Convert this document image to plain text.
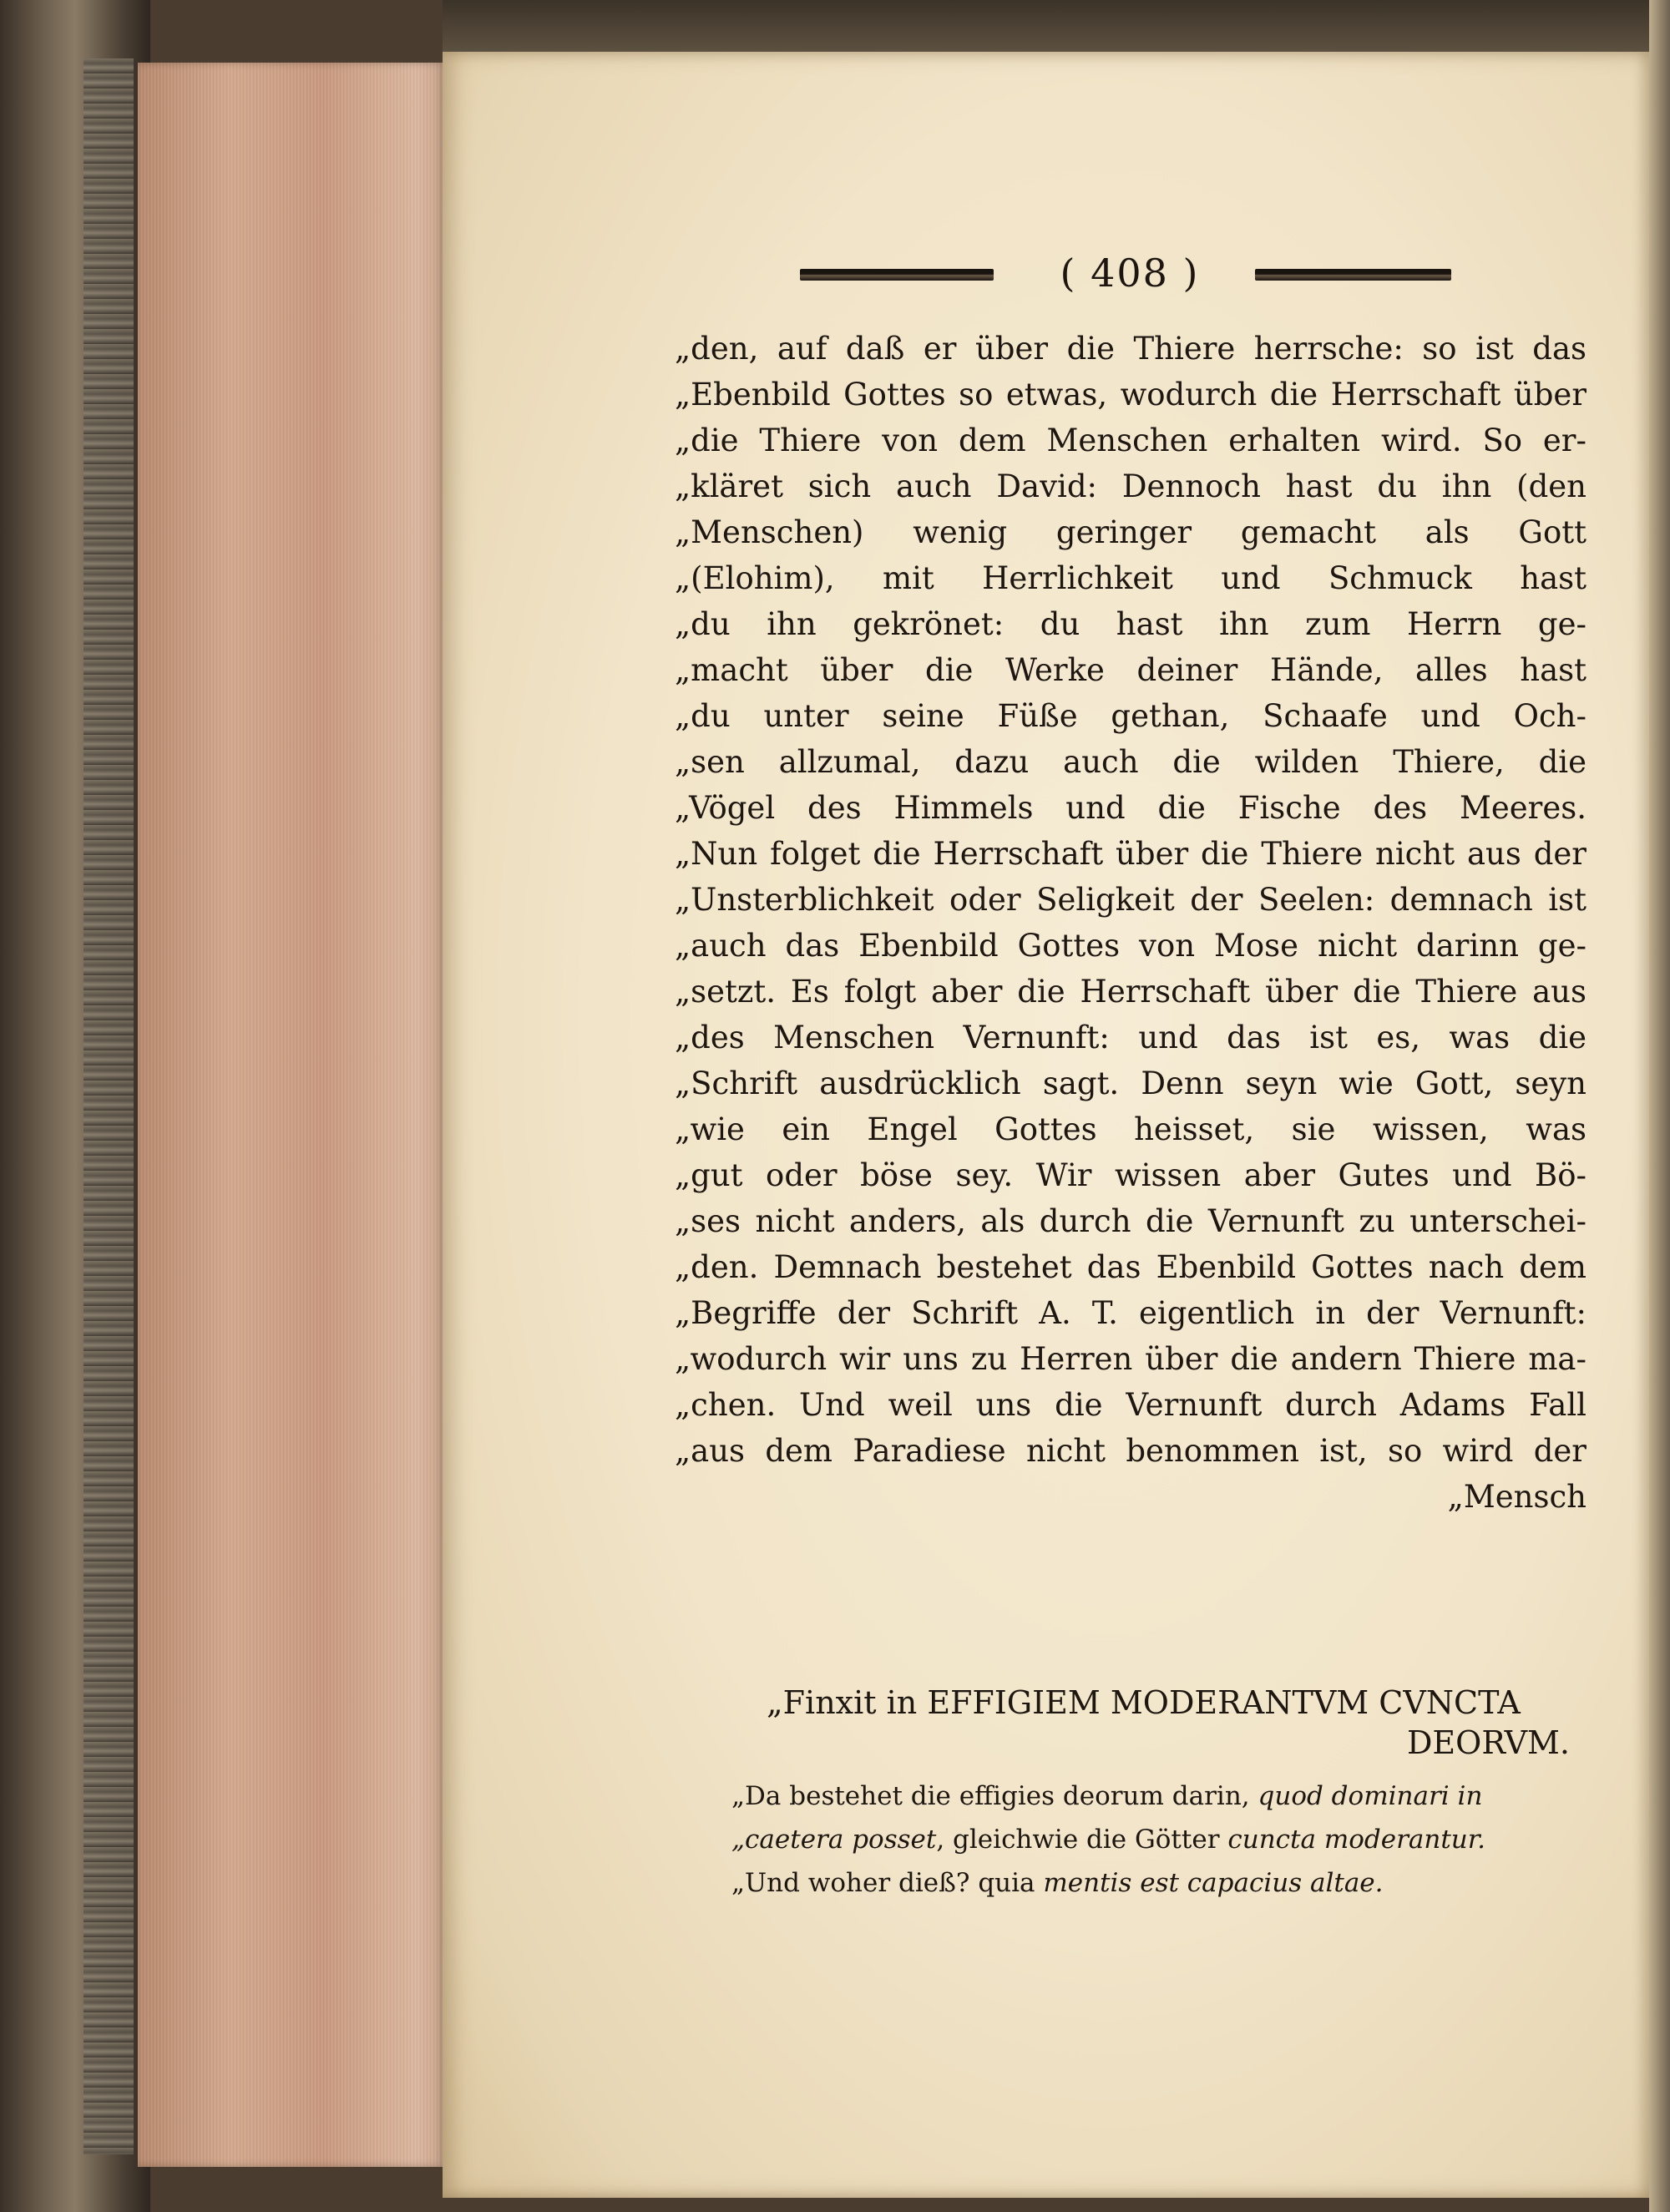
( 408 )
„den, auf daß er über die Thiere herrsche: so ist das
„Ebenbild Gottes so etwas, wodurch die Herrschaft über
„die Thiere von dem Menschen erhalten wird. So er-
„kläret sich auch David: Dennoch hast du ihn (den
„Menschen) wenig geringer gemacht als Gott
„(Elohim), mit Herrlichkeit und Schmuck hast
„du ihn gekrönet: du hast ihn zum Herrn ge-
„macht über die Werke deiner Hände, alles hast
„du unter seine Füße gethan, Schaafe und Och-
„sen allzumal, dazu auch die wilden Thiere, die
„Vögel des Himmels und die Fische des Meeres.
„Nun folget die Herrschaft über die Thiere nicht aus der
„Unsterblichkeit oder Seligkeit der Seelen: demnach ist
„auch das Ebenbild Gottes von Mose nicht darinn ge-
„setzt. Es folgt aber die Herrschaft über die Thiere aus
„des Menschen Vernunft: und das ist es, was die
„Schrift ausdrücklich sagt. Denn seyn wie Gott, seyn
„wie ein Engel Gottes heisset, sie wissen, was
„gut oder böse sey. Wir wissen aber Gutes und Bö-
„ses nicht anders, als durch die Vernunft zu unterschei-
„den. Demnach bestehet das Ebenbild Gottes nach dem
„Begriffe der Schrift A. T. eigentlich in der Vernunft:
„wodurch wir uns zu Herren über die andern Thiere ma-
„chen. Und weil uns die Vernunft durch Adams Fall
„aus dem Paradiese nicht benommen ist, so wird der
„Mensch
„Finxit in EFFIGIEM MODERANTVM CVNCTA
DEORVM.
„Da bestehet die effigies deorum darin, quod dominari in
„caetera posset, gleichwie die Götter cuncta moderantur.
„Und woher dieß? quia mentis est capacius altae.
